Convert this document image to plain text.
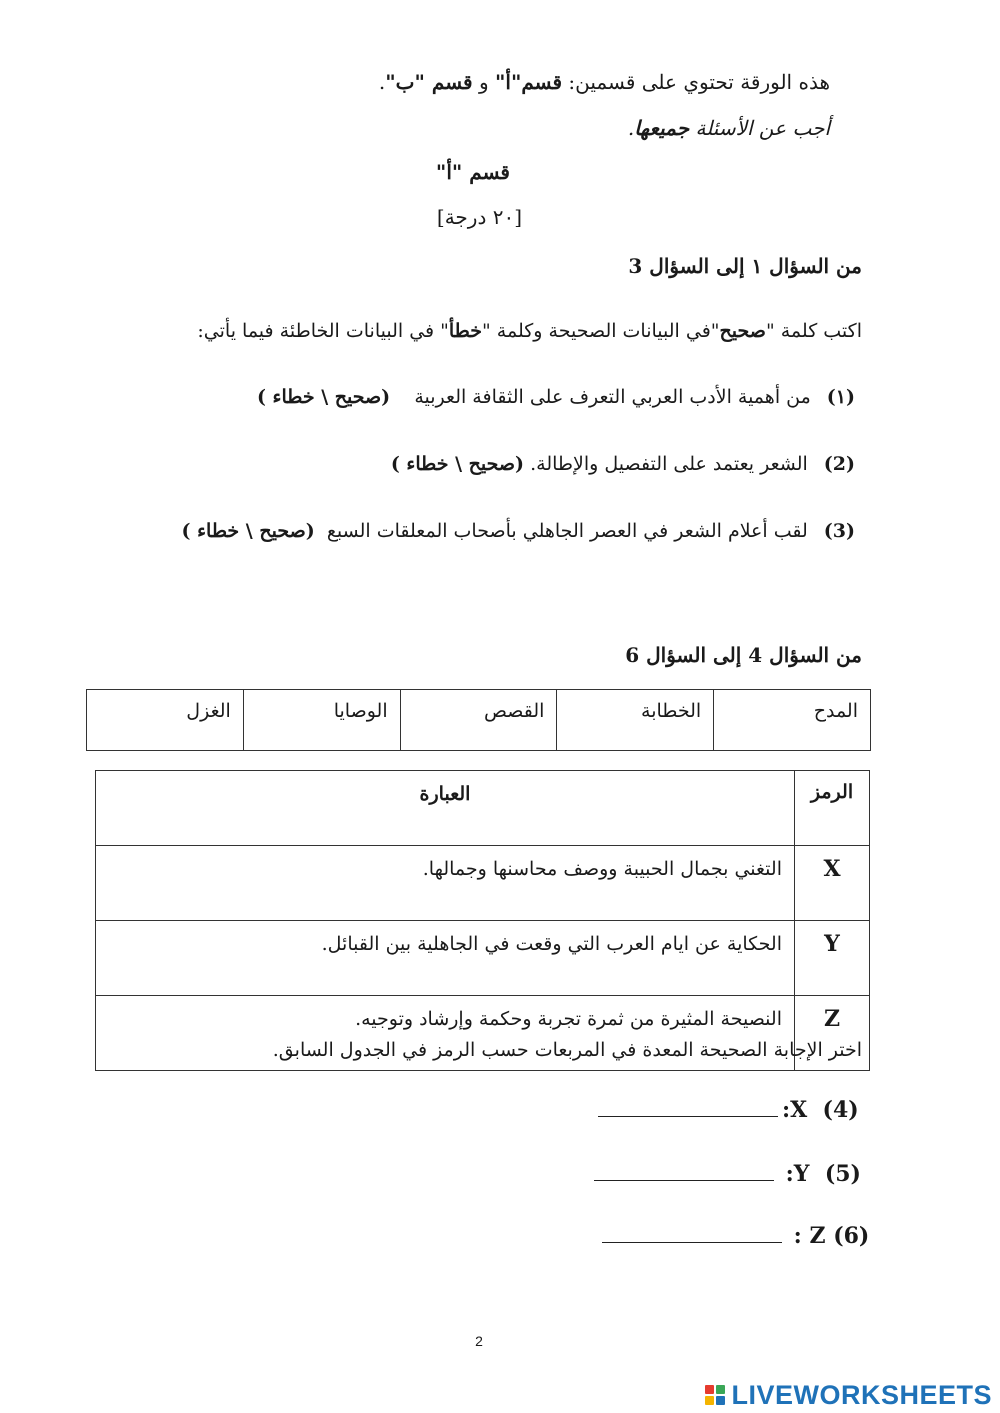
هذه الورقة تحتوي على قسمين: قسم"أ" و قسم "ب".
أجب عن الأسئلة جميعها.
قسم "أ"
[٢٠ درجة]
من السؤال ١ إلى السؤال 3
اكتب كلمة "صحيح"في البيانات الصحيحة وكلمة "خطأ" في البيانات الخاطئة فيما يأتي:
(١)من أهمية الأدب العربي التعرف على الثقافة العربية    (صحيح \ خطاء )
(2)الشعر يعتمد على التفصيل والإطالة. (صحيح \ خطاء )
(3)لقب أعلام الشعر في العصر الجاهلي بأصحاب المعلقات السبع  (صحيح \ خطاء )
من السؤال 4 إلى السؤال 6
المدح	الخطابة	القصص	الوصايا	الغزل
الرمز	العبارة
X	التغني بجمال الحبيبة ووصف محاسنها وجمالها.
Y	الحكاية عن ايام العرب التي وقعت في الجاهلية بين القبائل.
Z	النصيحة المثيرة من ثمرة تجربة وحكمة وإرشاد وتوجيه.
اختر الإجابة الصحيحة المعدة في المربعات حسب الرمز في الجدول السابق.
:X (4)
:Y (5)
: Z (6)
2
LIVEWORKSHEETS
